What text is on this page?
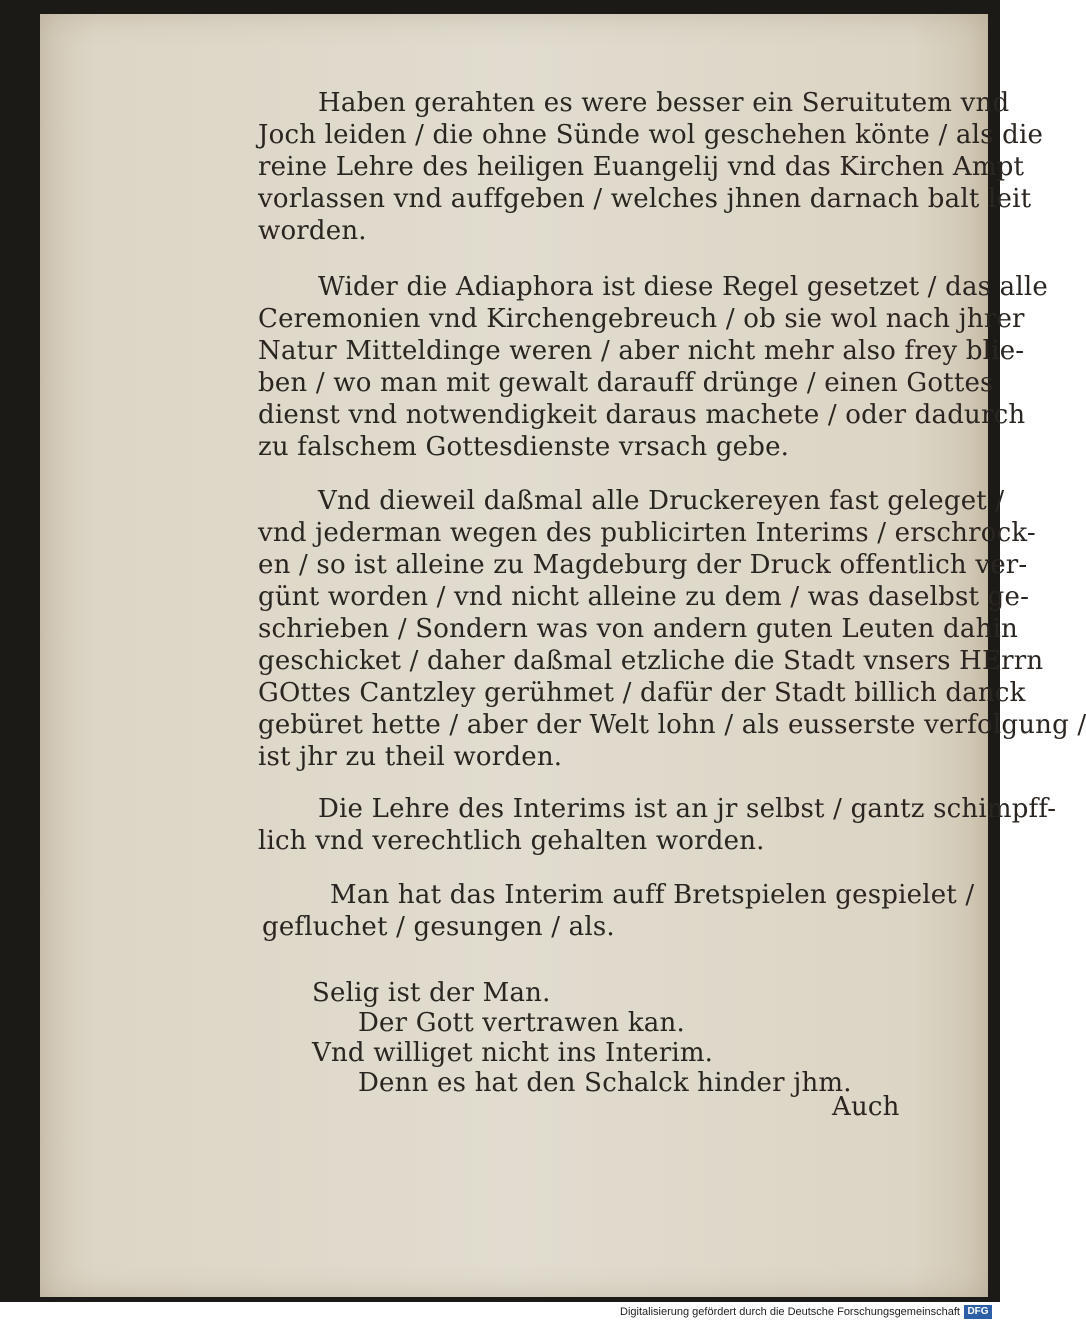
Haben gerahten es were besser ein Seruitutem vnd
Joch leiden / die ohne Sünde wol geschehen könte / als die
reine Lehre des heiligen Euangelij vnd das Kirchen Ampt
vorlassen vnd auffgeben / welches jhnen darnach balt leit
worden.
Wider die Adiaphora ist diese Regel gesetzet / das alle
Ceremonien vnd Kirchengebreuch / ob sie wol nach jhrer
Natur Mitteldinge weren / aber nicht mehr also frey blie-
ben / wo man mit gewalt darauff drünge / einen Gottes
dienst vnd notwendigkeit daraus machete / oder dadurch
zu falschem Gottesdienste vrsach gebe.
Vnd dieweil daßmal alle Druckereyen fast geleget /
vnd jederman wegen des publicirten Interims / erschrock-
en / so ist alleine zu Magdeburg der Druck offentlich ver-
günt worden / vnd nicht alleine zu dem / was daselbst ge-
schrieben / Sondern was von andern guten Leuten dahin
geschicket / daher daßmal etzliche die Stadt vnsers HErrn
GOttes Cantzley gerühmet / dafür der Stadt billich danck
gebüret hette / aber der Welt lohn / als eusserste verfolgung /
ist jhr zu theil worden.
Die Lehre des Interims ist an jr selbst / gantz schimpff-
lich vnd verechtlich gehalten worden.
Man hat das Interim auff Bretspielen gespielet /
gefluchet / gesungen / als.
Selig ist der Man.
Der Gott vertrawen kan.
Vnd williget nicht ins Interim.
Denn es hat den Schalck hinder jhm.
Auch
Digitalisierung gefördert durch die Deutsche Forschungsgemeinschaft DFG
